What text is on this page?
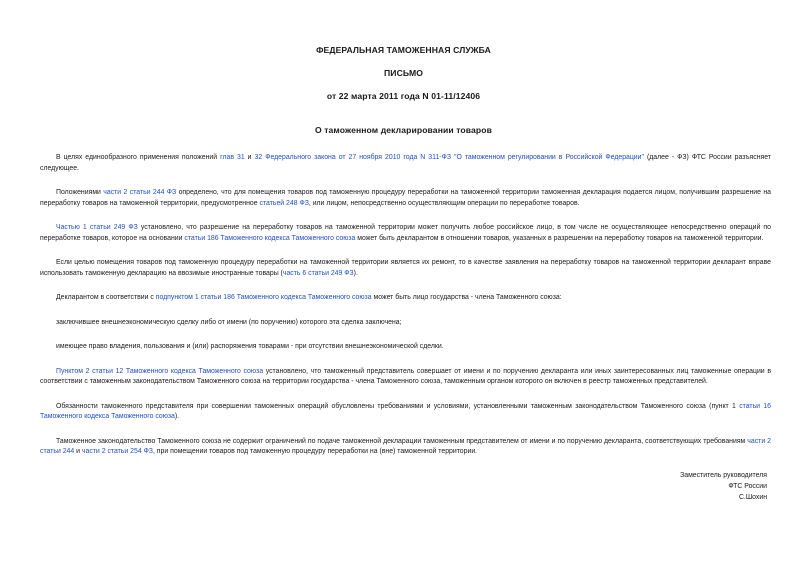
ФЕДЕРАЛЬНАЯ ТАМОЖЕННАЯ СЛУЖБА
ПИСЬМО
от 22 марта 2011 года N 01-11/12406
О таможенном декларировании товаров

В целях единообразного применения положений глав 31 и 32 Федерального закона от 27 ноября 2010 года N 311-ФЗ "О таможенном регулировании в Российской Федерации" (далее - ФЗ) ФТС России разъясняет следующее.

Положениями части 2 статьи 244 ФЗ определено, что для помещения товаров под таможенную процедуру переработки на таможенной территории таможенная декларация подается лицом, получившим разрешение на переработку товаров на таможенной территории, предусмотренное статьей 248 ФЗ, или лицом, непосредственно осуществляющим операции по переработке товаров.

Частью 1 статьи 249 ФЗ установлено, что разрешение на переработку товаров на таможенной территории может получить любое российское лицо, в том числе не осуществляющее непосредственно операций по переработке товаров, которое на основании статьи 186 Таможенного кодекса Таможенного союза может быть декларантом в отношении товаров, указанных в разрешении на переработку товаров на таможенной территории.

Если целью помещения товаров под таможенную процедуру переработки на таможенной территории является их ремонт, то в качестве заявления на переработку товаров на таможенной территории декларант вправе использовать таможенную декларацию на ввозимые иностранные товары (часть 6 статьи 249 ФЗ).

Декларантом в соответствии с подпунктом 1 статьи 186 Таможенного кодекса Таможенного союза может быть лицо государства - члена Таможенного союза:

заключившее внешнеэкономическую сделку либо от имени (по поручению) которого эта сделка заключена;

имеющее право владения, пользования и (или) распоряжения товарами - при отсутствии внешнеэкономической сделки.

Пунктом 2 статьи 12 Таможенного кодекса Таможенного союза установлено, что таможенный представитель совершает от имени и по поручению декларанта или иных заинтересованных лиц таможенные операции в соответствии с таможенным законодательством Таможенного союза на территории государства - члена Таможенного союза, таможенным органом которого он включен в реестр таможенных представителей.

Обязанности таможенного представителя при совершении таможенных операций обусловлены требованиями и условиями, установленными таможенным законодательством Таможенного союза (пункт 1 статьи 16 Таможенного кодекса Таможенного союза).

Таможенное законодательство Таможенного союза не содержит ограничений по подаче таможенной декларации таможенным представителем от имени и по поручению декларанта, соответствующих требованиям части 2 статьи 244 и части 2 статьи 254 ФЗ, при помещении товаров под таможенную процедуру переработки на (вне) таможенной территории.

Заместитель руководителя
ФТС России
С.Шохин
